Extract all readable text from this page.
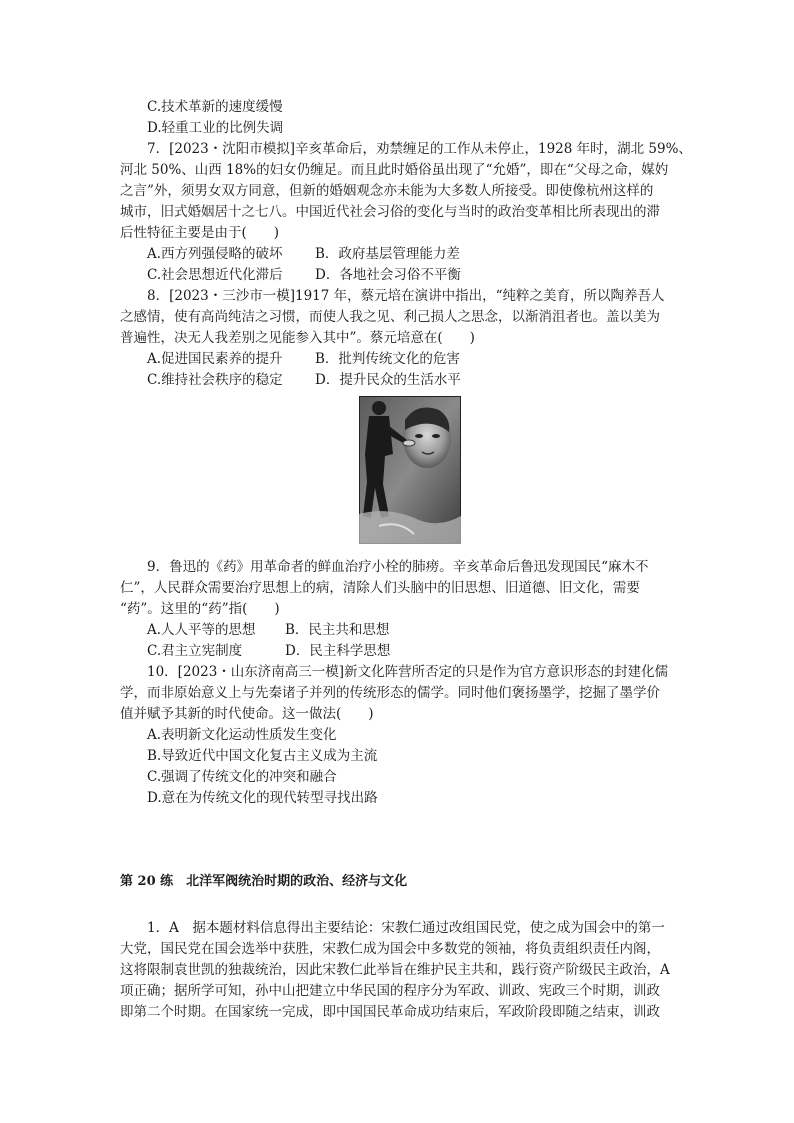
C.技术革新的速度缓慢
D.轻重工业的比例失调
7．[2023・沈阳市模拟]辛亥革命后，劝禁缠足的工作从未停止，1928 年时，湖北 59%、
河北 50%、山西 18%的妇女仍缠足。而且此时婚俗虽出现了“允婚”，即在“父母之命，媒妁
之言”外，须男女双方同意，但新的婚姻观念亦未能为大多数人所接受。即使像杭州这样的
城市，旧式婚姻居十之七八。中国近代社会习俗的变化与当时的政治变革相比所表现出的滞
后性特征主要是由于(　　)
A.西方列强侵略的破坏 B．政府基层管理能力差
C.社会思想近代化滞后 D．各地社会习俗不平衡
8．[2023・三沙市一模]1917 年，蔡元培在演讲中指出，“纯粹之美育，所以陶养吾人
之感情，使有高尚纯洁之习惯，而使人我之见、利己损人之思念，以渐消沮者也。盖以美为
普遍性，决无人我差别之见能参入其中”。蔡元培意在(　　)
A.促进国民素养的提升 B．批判传统文化的危害
C.维持社会秩序的稳定 D．提升民众的生活水平
9．鲁迅的《药》用革命者的鲜血治疗小栓的肺痨。辛亥革命后鲁迅发现国民“麻木不
仁”，人民群众需要治疗思想上的病，清除人们头脑中的旧思想、旧道德、旧文化，需要
“药”。这里的“药”指(　　)
A.人人平等的思想 B．民主共和思想
C.君主立宪制度	D．民主科学思想
10．[2023・山东济南高三一模]新文化阵营所否定的只是作为官方意识形态的封建化儒
学，而非原始意义上与先秦诸子并列的传统形态的儒学。同时他们褒扬墨学，挖掘了墨学价
值并赋予其新的时代使命。这一做法(　　)
A.表明新文化运动性质发生变化
B.导致近代中国文化复古主义成为主流
C.强调了传统文化的冲突和融合
D.意在为传统文化的现代转型寻找出路
第 20 练　北洋军阀统治时期的政治、经济与文化
1．A　据本题材料信息得出主要结论：宋教仁通过改组国民党，使之成为国会中的第一
大党，国民党在国会选举中获胜，宋教仁成为国会中多数党的领袖，将负责组织责任内阁，
这将限制袁世凯的独裁统治，因此宋教仁此举旨在维护民主共和，践行资产阶级民主政治，A
项正确；据所学可知，孙中山把建立中华民国的程序分为军政、训政、宪政三个时期，训政
即第二个时期。在国家统一完成，即中国国民革命成功结束后，军政阶段即随之结束，训政
